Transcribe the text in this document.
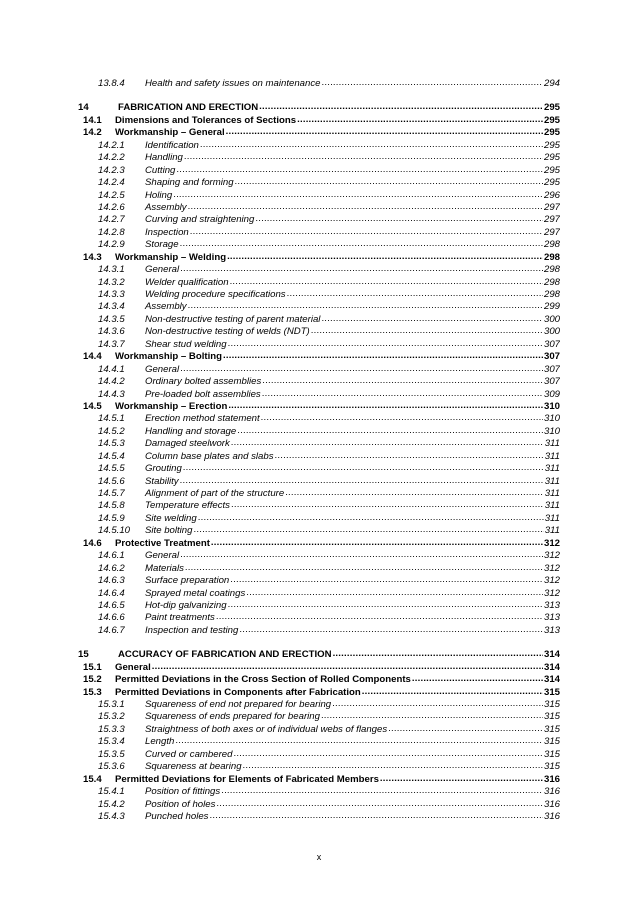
13.8.4	Health and safety issues on maintenance .....	294
14	FABRICATION AND ERECTION .....	295
14.1	Dimensions and Tolerances of Sections .....	295
14.2	Workmanship – General .....	295
14.2.1	Identification .....	295
14.2.2	Handling .....	295
14.2.3	Cutting .....	295
14.2.4	Shaping and forming .....	295
14.2.5	Holing .....	296
14.2.6	Assembly .....	297
14.2.7	Curving and straightening .....	297
14.2.8	Inspection .....	297
14.2.9	Storage .....	298
14.3	Workmanship – Welding .....	298
14.3.1	General .....	298
14.3.2	Welder qualification .....	298
14.3.3	Welding procedure specifications .....	298
14.3.4	Assembly .....	299
14.3.5	Non-destructive testing of parent material .....	300
14.3.6	Non-destructive testing of welds (NDT) .....	300
14.3.7	Shear stud welding .....	307
14.4	Workmanship – Bolting .....	307
14.4.1	General .....	307
14.4.2	Ordinary bolted assemblies .....	307
14.4.3	Pre-loaded bolt assemblies .....	309
14.5	Workmanship – Erection .....	310
14.5.1	Erection method statement .....	310
14.5.2	Handling and storage .....	310
14.5.3	Damaged steelwork .....	311
14.5.4	Column base plates and slabs .....	311
14.5.5	Grouting .....	311
14.5.6	Stability .....	311
14.5.7	Alignment of part of the structure .....	311
14.5.8	Temperature effects .....	311
14.5.9	Site welding .....	311
14.5.10	Site bolting .....	311
14.6	Protective Treatment .....	312
14.6.1	General .....	312
14.6.2	Materials .....	312
14.6.3	Surface preparation .....	312
14.6.4	Sprayed metal coatings .....	312
14.6.5	Hot-dip galvanizing .....	313
14.6.6	Paint treatments .....	313
14.6.7	Inspection and testing .....	313
15	ACCURACY OF FABRICATION AND ERECTION .....	314
15.1	General .....	314
15.2	Permitted Deviations in the Cross Section of Rolled Components .....	314
15.3	Permitted Deviations in Components after Fabrication .....	315
15.3.1	Squareness of end not prepared for bearing .....	315
15.3.2	Squareness of ends prepared for bearing .....	315
15.3.3	Straightness of both axes or of individual webs of flanges .....	315
15.3.4	Length .....	315
15.3.5	Curved or cambered .....	315
15.3.6	Squareness at bearing .....	315
15.4	Permitted Deviations for Elements of Fabricated Members .....	316
15.4.1	Position of fittings .....	316
15.4.2	Position of holes .....	316
15.4.3	Punched holes .....	316
x
